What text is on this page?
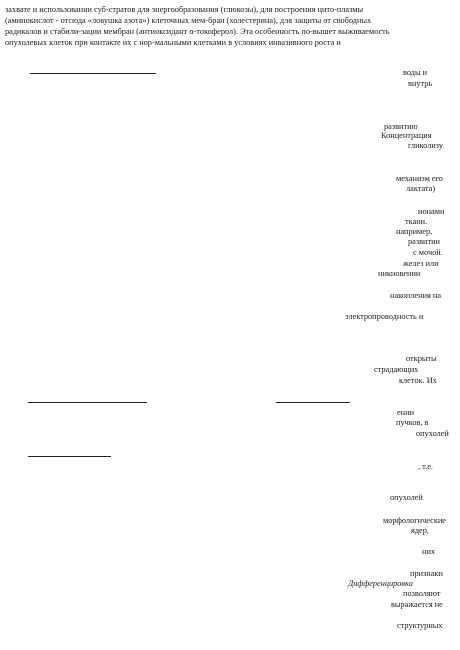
захвате и использовании суб-стратов для энергообразования (глюкозы), для построения цито-плазмы
(аминокислот - отсюда «ловушка азота») клеточных мем-бран (холестерина), для защиты от свободных
радикалов и стабили-зации мембран (антиоксидант α-токоферол). Эта особенность по-вышет выживаемость
опухолевых клеток при контакте их с нор-мальными клетками в условиях инвазивного роста и
воды и
внутрь
развитию
Концентрация
гликолизу
механизм его
лактата)
ионами
ткани.
например,
развитии
с мочой.
желез или
никновении
накопления на
электропроводность и
открыты
страдающих
клеток. Их
ении
пучков, в
опухолей
, т.е.
опухолей
морфологические
ядер,
них
признаки
Дифференцировка
позволяют
выражается не
структурных
